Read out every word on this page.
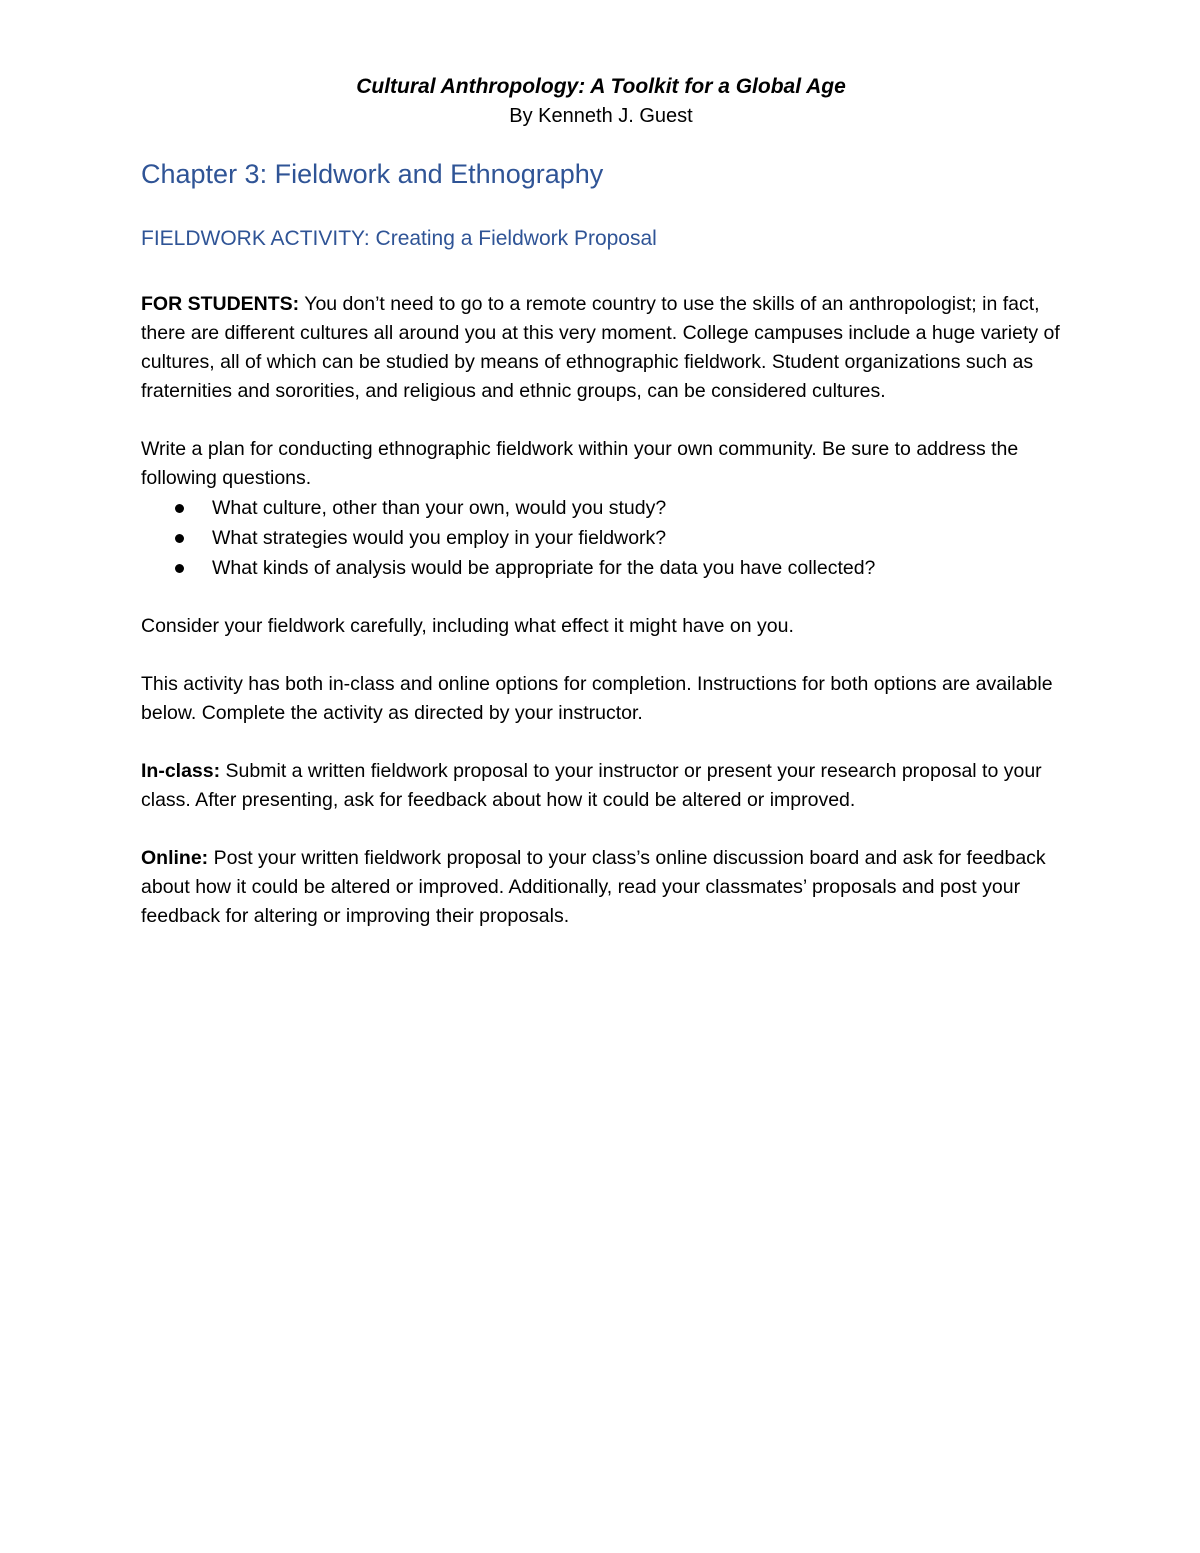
Cultural Anthropology: A Toolkit for a Global Age

By Kenneth J. Guest

Chapter 3: Fieldwork and Ethnography
FIELDWORK ACTIVITY: Creating a Fieldwork Proposal

FOR STUDENTS: You don’t need to go to a remote country to use the skills of an anthropologist; in fact, there are different cultures all around you at this very moment. College campuses include a huge variety of cultures, all of which can be studied by means of ethnographic fieldwork. Student organizations such as fraternities and sororities, and religious and ethnic groups, can be considered cultures.

Write a plan for conducting ethnographic fieldwork within your own community. Be sure to address the following questions.

What culture, other than your own, would you study?
What strategies would you employ in your fieldwork?
What kinds of analysis would be appropriate for the data you have collected?

Consider your fieldwork carefully, including what effect it might have on you.

This activity has both in-class and online options for completion. Instructions for both options are available below. Complete the activity as directed by your instructor.

In-class: Submit a written fieldwork proposal to your instructor or present your research proposal to your class. After presenting, ask for feedback about how it could be altered or improved.

Online: Post your written fieldwork proposal to your class’s online discussion board and ask for feedback about how it could be altered or improved. Additionally, read your classmates’ proposals and post your feedback for altering or improving their proposals.
